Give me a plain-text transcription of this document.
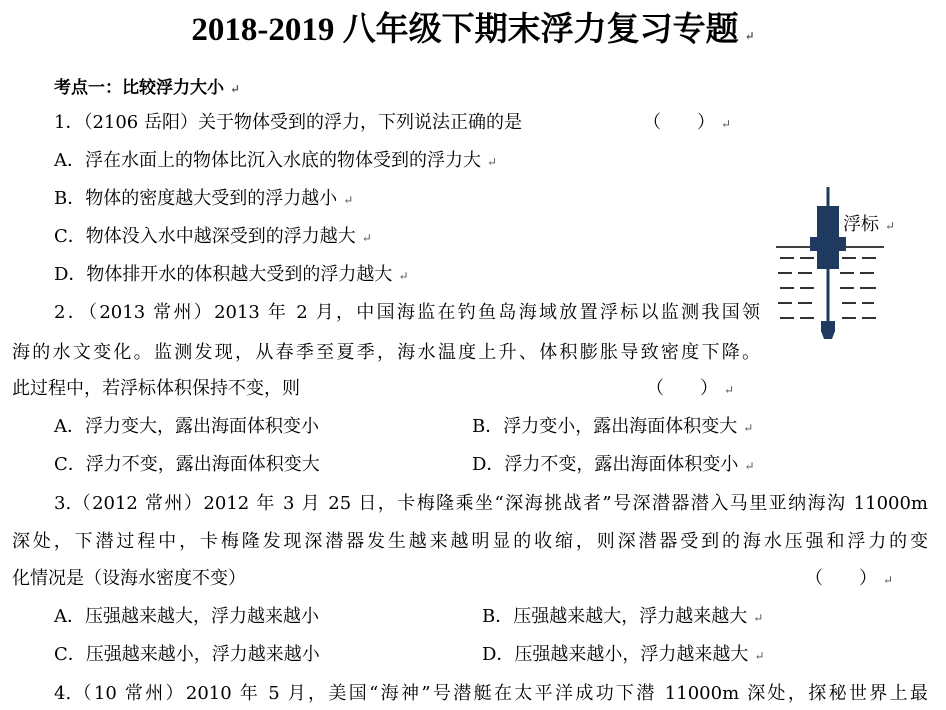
2018-2019 八年级下期末浮力复习专题 ↵
考点一：比较浮力大小 ↵
1．（2106 岳阳）关于物体受到的浮力，下列说法正确的是	（　　） ↵
A．浮在水面上的物体比沉入水底的物体受到的浮力大 ↵
B．物体的密度越大受到的浮力越小 ↵
C．物体没入水中越深受到的浮力越大 ↵
D．物体排开水的体积越大受到的浮力越大 ↵
2．（2013 常州）2013 年 2 月，中国海监在钓鱼岛海域放置浮标以监测我国领
海的水文变化。监测发现，从春季至夏季，海水温度上升、体积膨胀导致密度下降。
此过程中，若浮标体积保持不变，则	（　　） ↵
A．浮力变大，露出海面体积变小	B．浮力变小，露出海面体积变大 ↵
C．浮力不变，露出海面体积变大	D．浮力不变，露出海面体积变小 ↵
浮标 ↵
3.（2012 常州）2012 年 3 月 25 日，卡梅隆乘坐“深海挑战者”号深潜器潜入马里亚纳海沟 11000m
深处，下潜过程中，卡梅隆发现深潜器发生越来越明显的收缩，则深潜器受到的海水压强和浮力的变
化情况是（设海水密度不变）	（　　） ↵
A．压强越来越大，浮力越来越小	B．压强越来越大，浮力越来越大 ↵
C．压强越来越小，浮力越来越小	D．压强越来越小，浮力越来越大 ↵
4.（10 常州）2010 年 5 月，美国“海神”号潜艇在太平洋成功下潜 11000m 深处，探秘世界上最
